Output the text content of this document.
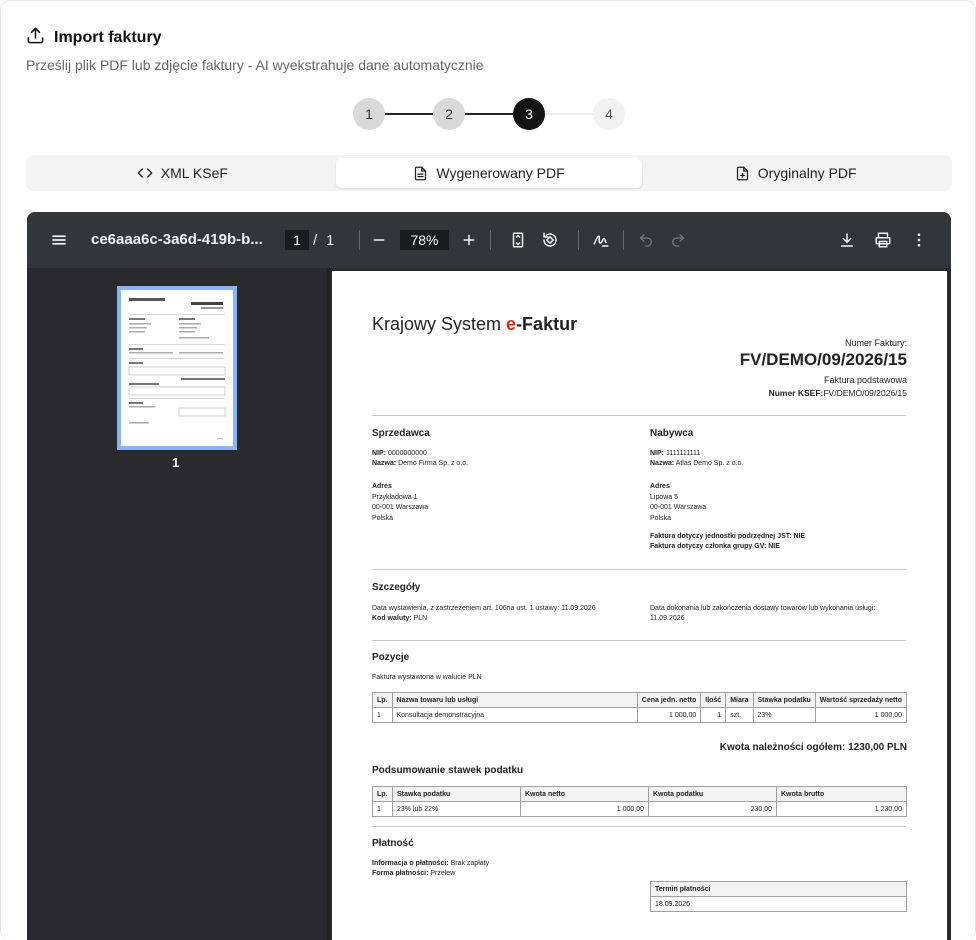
Import faktury
Prześlij plik PDF lub zdjęcie faktury - AI wyekstrahuje dane automatycznie
1	2	3	4
XML KSeF	Wygenerowany PDF	Oryginalny PDF
ce6aaa6c-3a6d-419b-b...	1 / 1	78%
1
Krajowy System e-Faktur
Numer Faktury:
FV/DEMO/09/2026/15
Faktura podstawowa
Numer KSEF:FV/DEMO/09/2026/15
Sprzedawca
NIP: 0000000000
Nazwa: Demo Firma Sp. z o.o.
Adres
Przykładowa 1
00-001 Warszawa
Polska
Nabywca
NIP: 1111111111
Nazwa: Atlas Demo Sp. z o.o.
Adres
Lipowa 5
00-001 Warszawa
Polska
Faktura dotyczy jednostki podrzędnej JST: NIE
Faktura dotyczy członka grupy GV: NIE
Szczegóły
Data wystawienia, z zastrzeżeniem art. 106na ust. 1 ustawy: 11.09.2026
Kod waluty: PLN
Data dokonania lub zakończenia dostawy towarów lub wykonania usługi:
11.09.2026
Pozycje
Faktura wystawiona w walucie PLN
Lp.	Nazwa towaru lub usługi	Cena jedn. netto	Ilość	Miara	Stawka podatku	Wartość sprzedaży netto
1	Konsultacja demonstracyjna	1 000,00	1	szt.	23%	1 000,00
Kwota należności ogółem: 1230,00 PLN
Podsumowanie stawek podatku
Lp.	Stawka podatku	Kwota netto	Kwota podatku	Kwota brutto
1	23% lub 22%	1 000,00	230,00	1 230,00
Płatność
Informacja o płatności: Brak zapłaty
Forma płatności: Przelew
Termin płatności
18.09.2026
